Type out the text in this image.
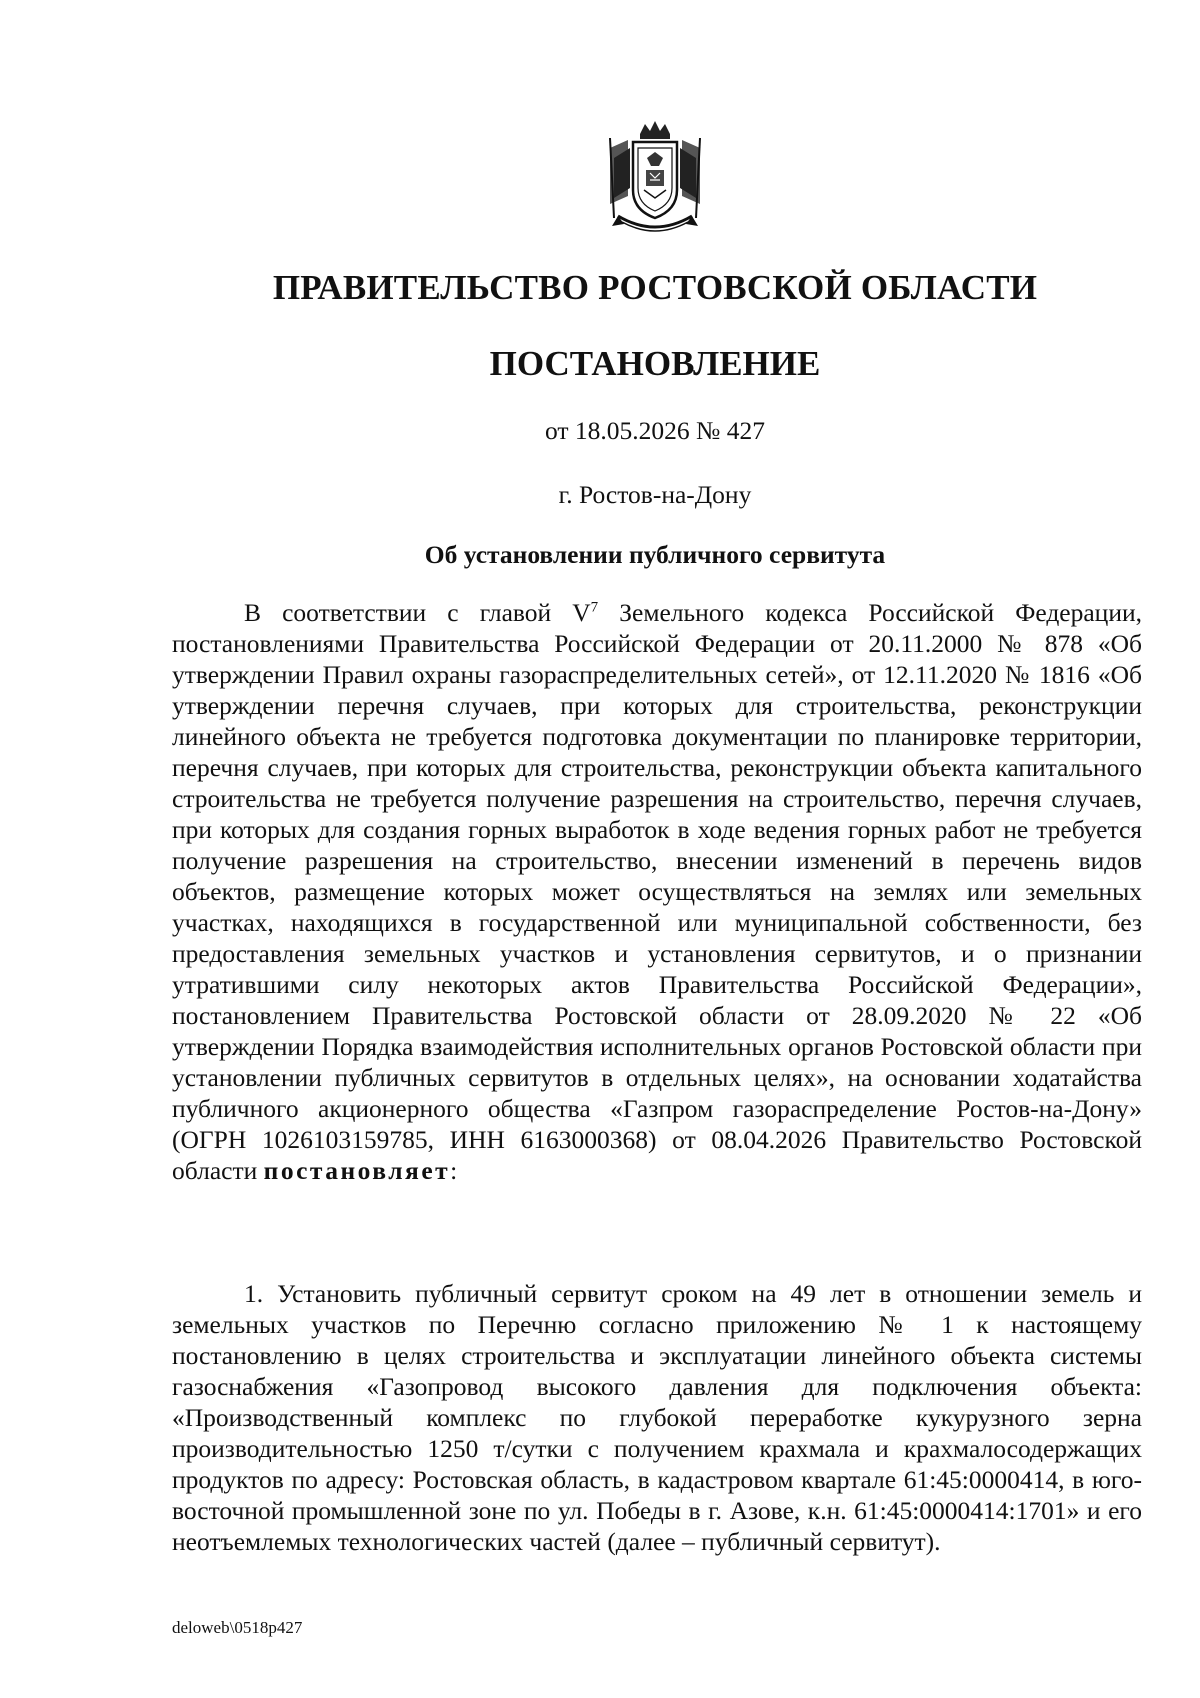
ПРАВИТЕЛЬСТВО РОСТОВСКОЙ ОБЛАСТИ
ПОСТАНОВЛЕНИЕ
от 18.05.2026 № 427
г. Ростов-на-Дону
Об установлении публичного сервитута
В соответствии с главой $V^7$ Земельного кодекса Российской Федерации, постановлениями Правительства Российской Федерации от 20.11.2000 № 878 «Об утверждении Правил охраны газораспределительных сетей», от 12.11.2020 № 1816 «Об утверждении перечня случаев, при которых для строительства, реконструкции линейного объекта не требуется подготовка документации по планировке территории, перечня случаев, при которых для строительства, реконструкции объекта капитального строительства не требуется получение разрешения на строительство, перечня случаев, при которых для создания горных выработок в ходе ведения горных работ не требуется получение разрешения на строительство, внесении изменений в перечень видов объектов, размещение которых может осуществляться на землях или земельных участках, находящихся в государственной или муниципальной собственности, без предоставления земельных участков и установления сервитутов, и о признании утратившими силу некоторых актов Правительства Российской Федерации», постановлением Правительства Ростовской области от 28.09.2020 № 22 «Об утверждении Порядка взаимодействия исполнительных органов Ростовской области при установлении публичных сервитутов в отдельных целях», на основании ходатайства публичного акционерного общества «Газпром газораспределение Ростов-на-Дону» (ОГРН 1026103159785, ИНН 6163000368) от 08.04.2026 Правительство Ростовской области постановляет:
1. Установить публичный сервитут сроком на 49 лет в отношении земель и земельных участков по Перечню согласно приложению № 1 к настоящему постановлению в целях строительства и эксплуатации линейного объекта системы газоснабжения «Газопровод высокого давления для подключения объекта: «Производственный комплекс по глубокой переработке кукурузного зерна производительностью 1250 т/сутки с получением крахмала и крахмалосодержащих продуктов по адресу: Ростовская область, в кадастровом квартале 61:45:0000414, в юго-восточной промышленной зоне по ул. Победы в г. Азове, к.н. 61:45:0000414:1701» и его неотъемлемых технологических частей (далее – публичный сервитут).
deloweb\0518p427
